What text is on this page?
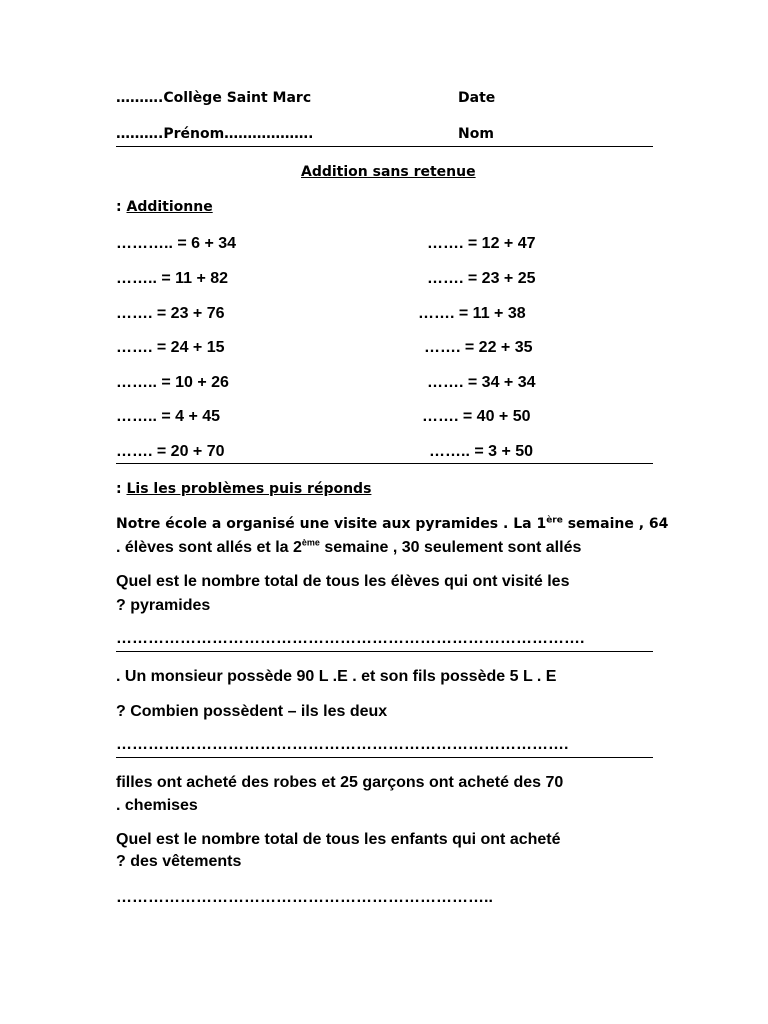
……….Collège Saint Marc	Date
……….Prénom……………….	Nom
Addition sans retenue
: Additionne
……….. = 6 + 34
…….. = 11 + 82
……. = 23 + 76
……. = 24 + 15
…….. = 10 + 26
…….. = 4 + 45
……. = 20 + 70
……. = 12 + 47
……. = 23 + 25
……. = 11 + 38
……. = 22 + 35
……. = 34 + 34
……. = 40 + 50
…….. = 3 + 50
: Lis les problèmes puis réponds
Notre école a organisé une visite aux pyramides . La 1ère semaine , 64
. élèves sont allés et la 2ème semaine , 30 seulement sont allés
Quel est le nombre total de tous les élèves qui ont visité les
? pyramides
…………………………………………………………………………….
. Un monsieur possède 90 L .E . et son fils possède 5 L . E
? Combien possèdent – ils les deux
………………………………………………………………………….
filles ont acheté des robes et 25 garçons ont acheté des 70
. chemises
Quel est le nombre total de tous les enfants qui ont acheté
? des vêtements
……………………………………………………………..
